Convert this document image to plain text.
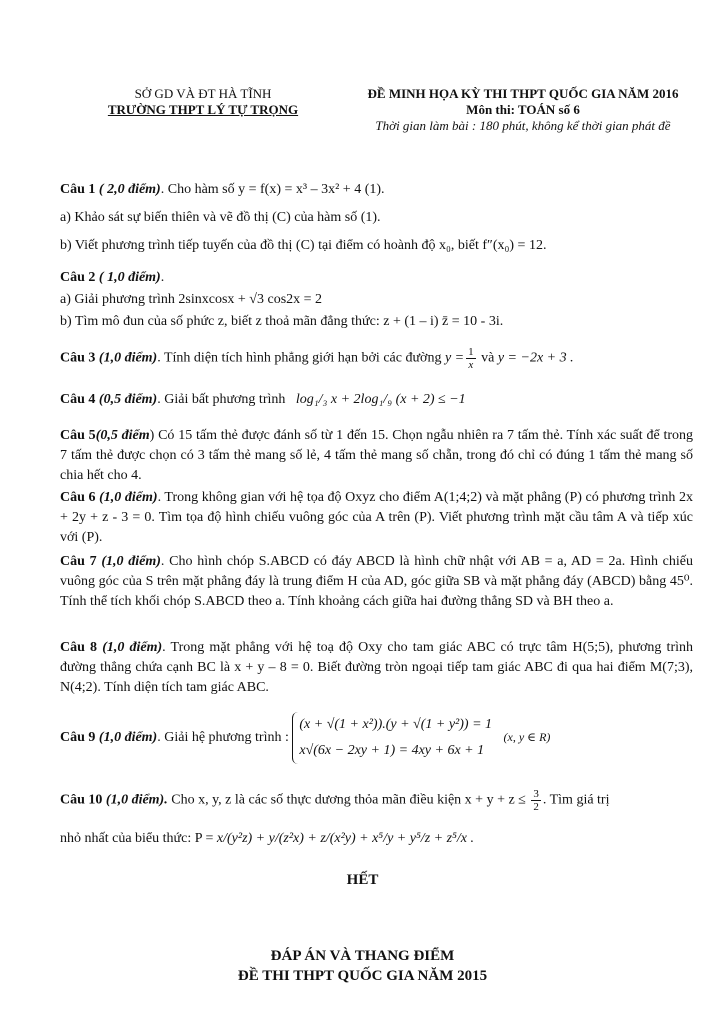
SỞ GD VÀ ĐT HÀ TĨNH
TRƯỜNG THPT LÝ TỰ TRỌNG
ĐỀ MINH HỌA KỲ THI THPT QUỐC GIA NĂM 2016
Môn thi: TOÁN số 6
Thời gian làm bài : 180 phút, không kể thời gian phát đề
Câu 1 ( 2,0 điểm). Cho hàm số y = f(x) = x³ – 3x² + 4 (1).
a) Khảo sát sự biến thiên và vẽ đồ thị (C) của hàm số (1).
b) Viết phương trình tiếp tuyến của đồ thị (C) tại điểm có hoành độ x₀, biết f″(x₀) = 12.
Câu 2 ( 1,0 điểm).
a) Giải phương trình 2sinxcosx + √3 cos2x = 2
b) Tìm mô đun của số phức z, biết z thoả mãn đẳng thức: z + (1 – i) z̄ = 10 - 3i.
Câu 3 (1,0 điểm). Tính diện tích hình phẳng giới hạn bởi các đường $y = \frac{1}{x}$ và y = −2x + 3 .
Câu 4 (0,5 điểm). Giải bất phương trình log₁/₃ x + 2log₁/₉ (x + 2) ≤ −1
Câu 5(0,5 điểm) Có 15 tấm thẻ được đánh số từ 1 đến 15. Chọn ngẫu nhiên ra 7 tấm thẻ. Tính xác suất để trong 7 tấm thẻ được chọn có 3 tấm thẻ mang số lẻ, 4 tấm thẻ mang số chẵn, trong đó chỉ có đúng 1 tấm thẻ mang số chia hết cho 4.
Câu 6 (1,0 điểm). Trong không gian với hệ tọa độ Oxyz cho điểm A(1;4;2) và mặt phẳng (P) có phương trình 2x + 2y + z - 3 = 0. Tìm tọa độ hình chiếu vuông góc của A trên (P). Viết phương trình mặt cầu tâm A và tiếp xúc với (P).
Câu 7 (1,0 điểm). Cho hình chóp S.ABCD có đáy ABCD là hình chữ nhật với AB = a, AD = 2a. Hình chiếu vuông góc của S trên mặt phẳng đáy là trung điểm H của AD, góc giữa SB và mặt phẳng đáy (ABCD) bằng 45⁰. Tính thể tích khối chóp S.ABCD theo a. Tính khoảng cách giữa hai đường thẳng SD và BH theo a.
Câu 8 (1,0 điểm). Trong mặt phẳng với hệ toạ độ Oxy cho tam giác ABC có trực tâm H(5;5), phương trình đường thẳng chứa cạnh BC là x + y – 8 = 0. Biết đường tròn ngoại tiếp tam giác ABC đi qua hai điểm M(7;3), N(4;2). Tính diện tích tam giác ABC.
Câu 9 (1,0 điểm). Giải hệ phương trình :
(x + √(1 + x²)).(y + √(1 + y²)) = 1
x√(6x − 2xy + 1) = 4xy + 6x + 1
(x, y ∈ R)
Câu 10 (1,0 điểm). Cho x, y, z là các số thực dương thỏa mãn điều kiện $x + y + z \le \frac{3}{2}$ . Tìm giá trị
nhỏ nhất của biểu thức: P = x/(y²z) + y/(z²x) + z/(x²y) + x⁵/y + y⁵/z + z⁵/x .
HẾT
ĐÁP ÁN VÀ THANG ĐIỂM
ĐỀ THI THPT QUỐC GIA NĂM 2015
